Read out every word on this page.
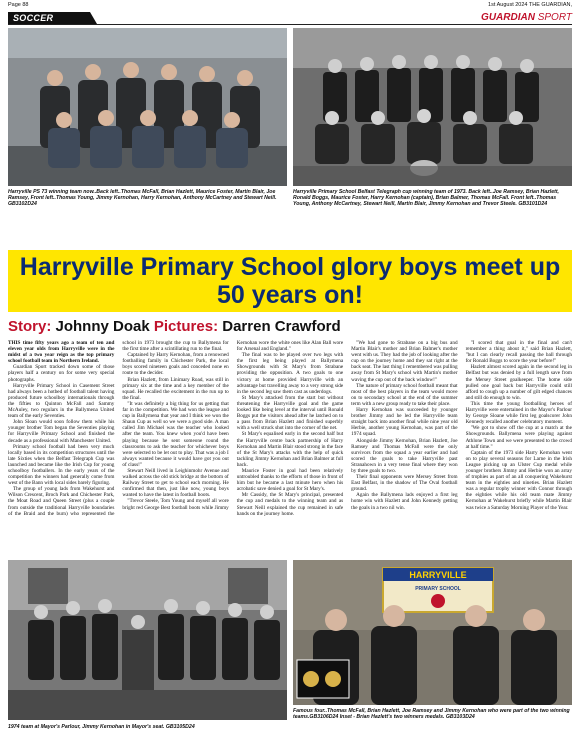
Page 88	1st August 2024 THE GUARDIAN,
SOCCER	GUARDIAN SPORT
Harryville PS 73 winning team now..Back left..Thomas McFall, Brian Hazlett, Maurice Foster, Martin Blair, Joe Ramsey, Front left..Thomas Young, Jimmy Kernohan, Harry Kernohan, Anthony McCartney and Stewart Neill. GB3102D24
Harryville Primary School Belfast Telegraph cup winning team of 1973. Back left..Joe Ramsey, Brian Hazlett, Ronald Boggs, Maurice Foster, Harry Kernohan (captain), Brian Balmer, Thomas McFall. Front left..Thomas Young, Anthony McCartney, Stewart Neill, Martin Blair, Jimmy Kernohan and Trevor Steele. GB3101D24
Harryville Primary School glory boys meet up 50 years on!
Story: Johnny Doak Pictures: Darren Crawford

THIS time fifty years ago a team of ten and eleven year olds from Harryville were in the midst of a two year reign as the top primary school football team in Northern Ireland.

Guardian Sport tracked down some of those players half a century on for some very special photographs.

Harryville Primary School in Casement Street had always been a hotbed of football talent having produced future schoolboy internationals through the fifties to Quinton McFall and Sammy McAuley, two regulars in the Ballymena United team of the early Seventies.

John Sloan would soon follow them while his younger brother Tom began the Seventies playing for Harryville Primary School and finished the decade as a professional with Manchester United.

Primary school football had been very much locally based in its competition structures until the late Sixties when the Belfast Telegraph Cup was launched and became like the Irish Cup for young schoolboy footballers. In the early years of the competition the winners had generally come from west of the Bann with local sides barely figuring.

The group of young lads from Wakehurst and Wilson Crescent, Broch Park and Chichester Park, the Moat Road and Queen Street (plus a couple from outside the traditional Harryville boundaries of the Braid and the burn) who represented the school in 1973 brought the cup to Ballymena for the first time after a scintillating run to the final.

Captained by Harry Kernohan, from a renowned footballing family in Chichester Park, the local boys scored nineteen goals and conceded none en route to the decider.

Brian Hazlett, from Linimary Road, was still in primary six at the time and a key member of the squad. He recalled the excitement in the run up to the final.

"It was definitely a big thing for us getting that far in the competition. We had won the league and cup in Ballymena that year and I think we won the Shaun Cup as well so we were a good side. A man called Jim Michael was the teacher who looked after the team. You knew when you'd have been playing because he sent someone round the classrooms to ask the teacher for whichever boys were selected to be let out to play. That was a job I always wanted because it would have got you out of class!"

Stewart Neill lived in Leighinmohr Avenue and walked across the old stick bridge at the bottom of Railway Street to get to school each morning. He confirmed that then, just like now, young boys wanted to have the latest in football boots.

"Trevor Steele, Tom Young and myself all wore bright red George Best football boots while Jimmy Kernohan wore the white ones like Alan Ball wore for Arsenal and England."

The final was to be played over two legs with the first leg being played at Ballymena Showgrounds with St Mary's from Strabane providing the opposition. A two goals to one victory at home provided Harryville with an advantage but travelling away to a very strong side in the second leg saw them cast as underdogs.

St Mary's attacked from the start but without threatening the Harryville goal and the game looked like being level at the interval until Ronald Boggs put the visitors ahead after he latched on to a pass from Brian Hazlett and finished superbly with a well struck shot into the corner of the net.

St Mary's equalised early in the second half but the Harryville centre back partnership of Harry Kernohan and Martin Blair stood strong in the face of the St Mary's attacks with the help of quick tackling Jimmy Kernohan and Brian Balmer at full back.

Maurice Foster in goal had been relatively untroubled thanks to the efforts of those in front of him but he became a last minute hero when his acrobatic save denied a goal for St Mary's.

Mr Cassidy, the St Mary's principal, presented the cup and medals to the winning team and as Stewart Neill explained the cup remained in safe hands on the journey home.

"We had gone to Strabane on a big bus and Martin Blair's mother and Brian Balmer's mother went with us. They had the job of looking after the cup on the journey home and they sat right at the back seat. The last thing I remembered was pulling away from St Mary's school with Martin's mother waving the cup out of the back window!"

The nature of primary school football meant that most of the best players in the team would move on to secondary school at the end of the summer term with a new group ready to take their place.

Harry Kernohan was succeeded by younger brother Jimmy and he led the Harryville team straight back into another final while nine year old Herbie, another young Kernohan, was part of the 1974 squad.

Alongside Jimmy Kernohan, Brian Hazlett, Joe Ramsey and Thomas McFall were the only survivors from the squad a year earlier and had scored the goals to take Harryville past Stranahown in a very tense final where they won by three goals to two.

Their final opponents were Mersey Street from East Belfast, in the shadow of The Oval football ground.

Again the Ballymena lads enjoyed a first leg home win with Hazlett and John Kennedy getting the goals in a two nil win.

"I scored that goal in the final and can't remember a thing about it," said Brian Hazlett, "but I can clearly recall passing the ball through for Ronald Boggs to score the year before!"

Hazlett almost scored again in the second leg in Belfast but was denied by a full length save from the Mersey Street goalkeeper. The home side pulled one goal back but Harryville could still afford to cough up a number of gilt edged chances and still do enough to win.

This time the young footballing heroes of Harryville were entertained in the Mayor's Parlour by George Sloane while first leg goalscorer John Kennedy recalled another celebratory moment.

"We got to show off the cup at a match at the Showgrounds. Ballymena were playing against Athlone Town and we were presented to the crowd at half time."

Captain of the 1973 side Harry Kernohan went on to play several seasons for Larne in the Irish League picking up an Ulster Cup medal while younger brothers Jimmy and Herbie won an array of trophies as part of an all conquering Wakehurst team in the eighties and nineties. Brian Hazlett was a regular trophy winner with Connor through the eighties while his old team mate Jimmy Kernohan at Wakehurst briefly while Martin Blair was twice a Saturday Morning Player of the Year.

1974 team at Mayor's Parlour, Jimmy Kernohan in Mayor's seat. GB3105D24
HARRYVILLE
PRIMARY SCHOOL
Famous four..Thomas McFall, Brian Hazlett, Joe Ramsey and Jimmy Kernohan who were part of the two winning teams.GB3106D24 Inset - Brian Hazlett's two winners medals. GB3103D24
